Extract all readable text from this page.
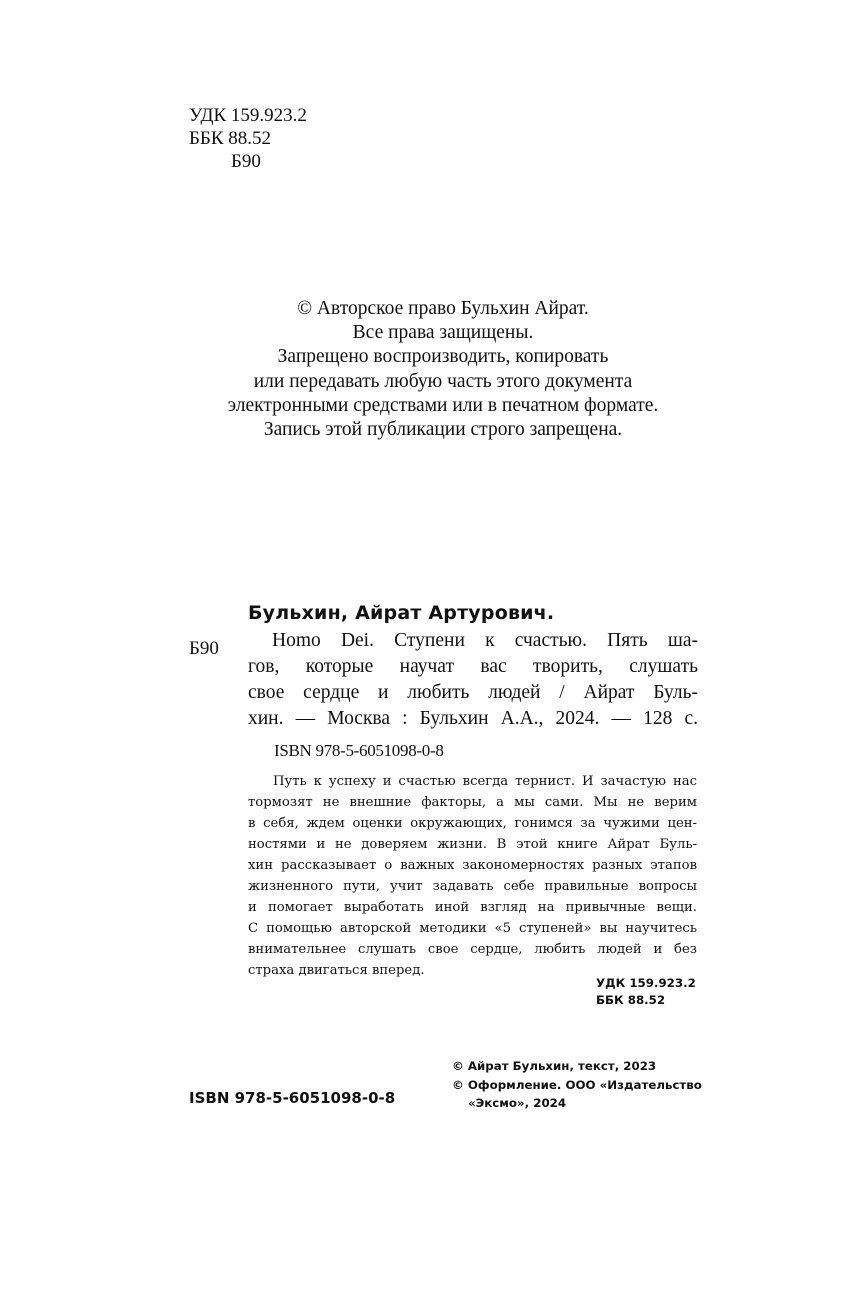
УДК 159.923.2
ББК 88.52
Б90
© Авторское право Бульхин Айрат.
Все права защищены.
Запрещено воспроизводить, копировать
или передавать любую часть этого документа
электронными средствами или в печатном формате.
Запись этой публикации строго запрещена.
Бульхин, Айрат Артурович.
Б90	Homo Dei. Ступени к счастью. Пять ша-
гов, которые научат вас творить, слушать
свое сердце и любить людей / Айрат Буль-
хин. — Москва : Бульхин А.А., 2024. — 128 с.
ISBN 978-5-6051098-0-8
Путь к успеху и счастью всегда тернист. И зачастую нас
тормозят не внешние факторы, а мы сами. Мы не верим
в себя, ждем оценки окружающих, гонимся за чужими цен-
ностями и не доверяем жизни. В этой книге Айрат Буль-
хин рассказывает о важных закономерностях разных этапов
жизненного пути, учит задавать себе правильные вопросы
и помогает выработать иной взгляд на привычные вещи.
С помощью авторской методики «5 ступеней» вы научитесь
внимательнее слушать свое сердце, любить людей и без
страха двигаться вперед.
УДК 159.923.2
ББК 88.52
ISBN 978-5-6051098-0-8
© Айрат Бульхин, текст, 2023
© Оформление. ООО «Издательство
«Эксмо», 2024
